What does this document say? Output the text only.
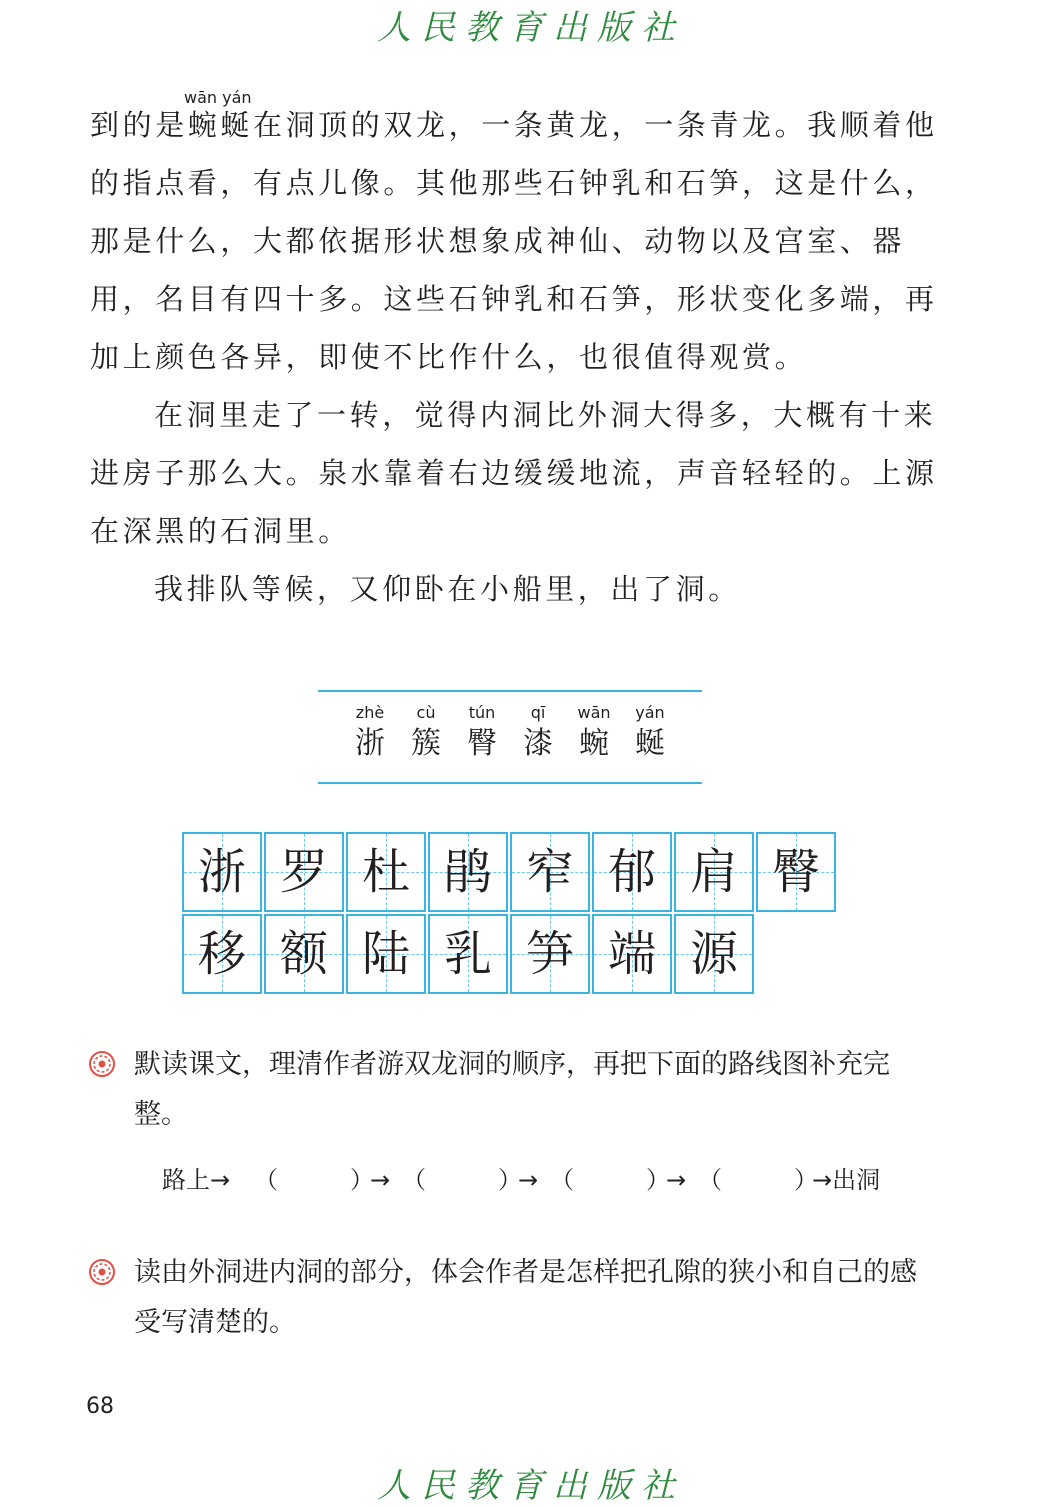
人民教育出版社
wān yán

到的是蜿蜒在洞顶的双龙，一条黄龙，一条青龙。我顺着他的指点看，有点儿像。其他那些石钟乳和石笋，这是什么，那是什么，大都依据形状想象成神仙、动物以及宫室、器用，名目有四十多。这些石钟乳和石笋，形状变化多端，再加上颜色各异，即使不比作什么，也很值得观赏。

在洞里走了一转，觉得内洞比外洞大得多，大概有十来进房子那么大。泉水靠着右边缓缓地流，声音轻轻的。上源在深黑的石洞里。

我排队等候，又仰卧在小船里，出了洞。

zhè
浙
cù
簇
tún
臀
qī
漆
wān
蜿
yán
蜒
浙 罗 杜 鹃 窄 郁 肩 臀
移 额 陆 乳 笋 端 源

默读课文，理清作者游双龙洞的顺序，再把下面的路线图补充完整。

路上→ （　　　）
→ （　　　）
→ （　　　）
→ （　　　）
→出洞

读由外洞进内洞的部分，体会作者是怎样把孔隙的狭小和自己的感受写清楚的。

68
人民教育出版社
